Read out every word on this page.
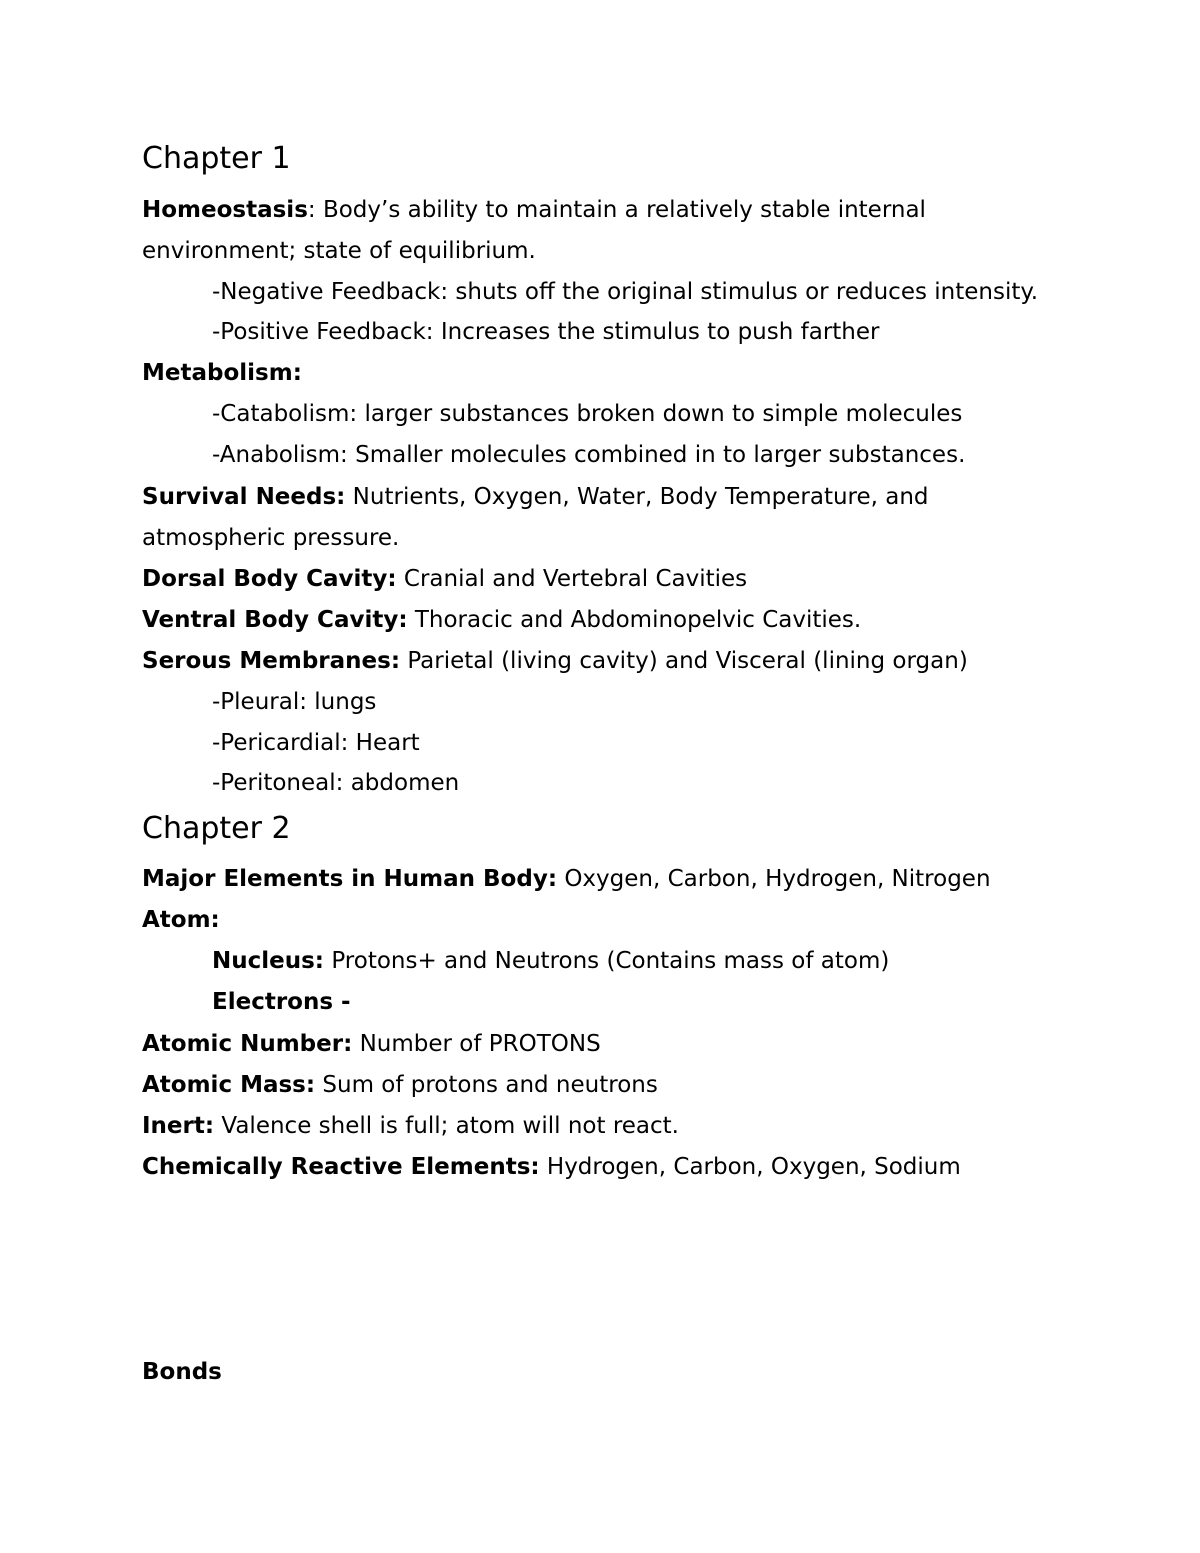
Chapter 1
Homeostasis: Body’s ability to maintain a relatively stable internal
environment; state of equilibrium.
-Negative Feedback: shuts off the original stimulus or reduces intensity.
-Positive Feedback: Increases the stimulus to push farther
Metabolism:
-Catabolism: larger substances broken down to simple molecules
-Anabolism: Smaller molecules combined in to larger substances.
Survival Needs: Nutrients, Oxygen, Water, Body Temperature, and
atmospheric pressure.
Dorsal Body Cavity: Cranial and Vertebral Cavities
Ventral Body Cavity: Thoracic and Abdominopelvic Cavities.
Serous Membranes: Parietal (living cavity) and Visceral (lining organ)
-Pleural: lungs
-Pericardial: Heart
-Peritoneal: abdomen
Chapter 2
Major Elements in Human Body: Oxygen, Carbon, Hydrogen, Nitrogen
Atom:
Nucleus: Protons+ and Neutrons (Contains mass of atom)
Electrons -
Atomic Number: Number of PROTONS
Atomic Mass: Sum of protons and neutrons
Inert: Valence shell is full; atom will not react.
Chemically Reactive Elements: Hydrogen, Carbon, Oxygen, Sodium
Bonds
